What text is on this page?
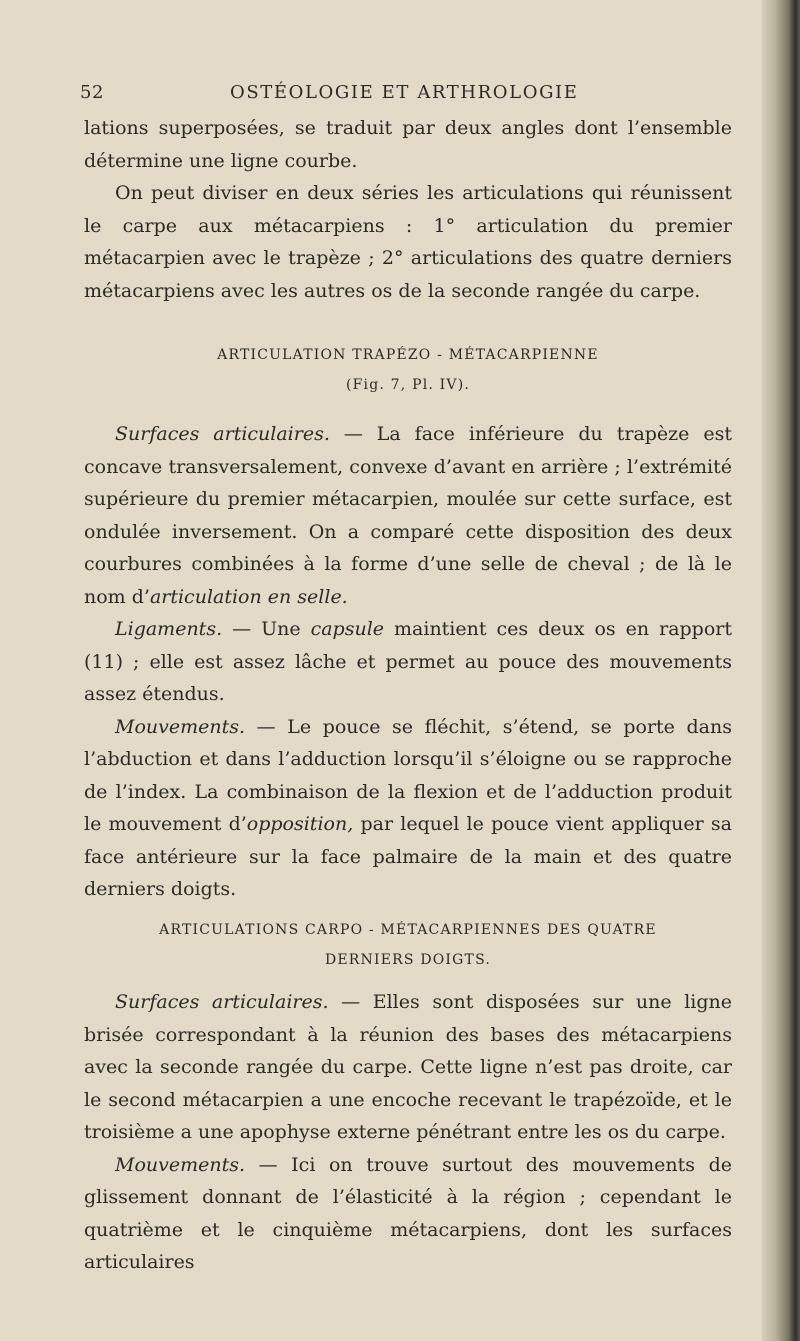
52	OSTÉOLOGIE ET ARTHROLOGIE

lations superposées, se traduit par deux angles dont l’ensemble détermine une ligne courbe.

On peut diviser en deux séries les articulations qui réunissent le carpe aux métacarpiens : 1° articulation du premier métacarpien avec le trapèze ; 2° articulations des quatre derniers métacarpiens avec les autres os de la seconde rangée du carpe.

ARTICULATION TRAPÉZO - MÉTACARPIENNE
(Fig. 7, Pl. IV).

Surfaces articulaires. — La face inférieure du trapèze est concave transversalement, convexe d’avant en arrière ; l’extrémité supérieure du premier métacarpien, moulée sur cette surface, est ondulée inversement. On a comparé cette disposition des deux courbures combinées à la forme d’une selle de cheval ; de là le nom d’articulation en selle.

Ligaments. — Une capsule maintient ces deux os en rapport (11) ; elle est assez lâche et permet au pouce des mouvements assez étendus.

Mouvements. — Le pouce se fléchit, s’étend, se porte dans l’abduction et dans l’adduction lorsqu’il s’éloigne ou se rapproche de l’index. La combinaison de la flexion et de l’adduction produit le mouvement d’opposition, par lequel le pouce vient appliquer sa face antérieure sur la face palmaire de la main et des quatre derniers doigts.

ARTICULATIONS CARPO - MÉTACARPIENNES DES QUATRE
DERNIERS DOIGTS.

Surfaces articulaires. — Elles sont disposées sur une ligne brisée correspondant à la réunion des bases des métacarpiens avec la seconde rangée du carpe. Cette ligne n’est pas droite, car le second métacarpien a une encoche recevant le trapézoïde, et le troisième a une apophyse externe pénétrant entre les os du carpe.

Mouvements. — Ici on trouve surtout des mouvements de glissement donnant de l’élasticité à la région ; cependant le quatrième et le cinquième métacarpiens, dont les surfaces articulaires
